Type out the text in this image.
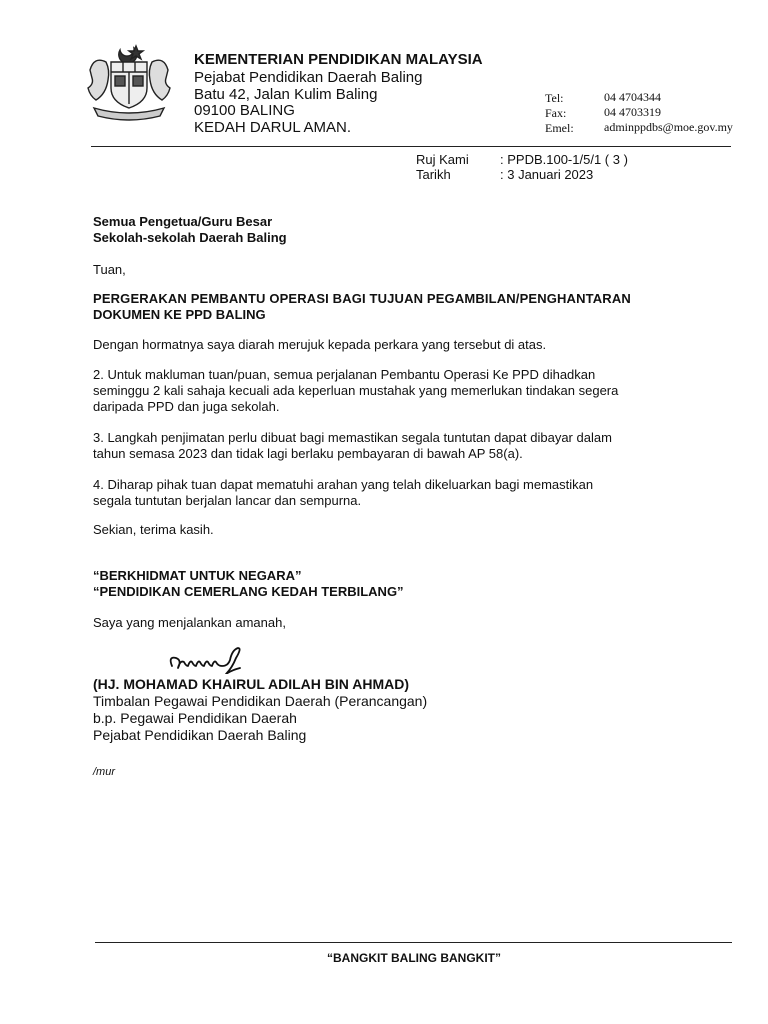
KEMENTERIAN PENDIDIKAN MALAYSIA
Pejabat Pendidikan Daerah Baling
Batu 42, Jalan Kulim Baling
09100 BALING
KEDAH DARUL AMAN.
Tel:	04 4704344
Fax:	04 4703319
Emel:	adminppdbs@moe.gov.my
Ruj Kami : PPDB.100-1/5/1 ( 3 )
Tarikh	: 3 Januari 2023
Semua Pengetua/Guru Besar
Sekolah-sekolah Daerah Baling
Tuan,
PERGERAKAN PEMBANTU OPERASI BAGI TUJUAN PEGAMBILAN/PENGHANTARAN
DOKUMEN KE PPD BALING
Dengan hormatnya saya diarah merujuk kepada perkara yang tersebut di atas.
2. Untuk makluman tuan/puan, semua perjalanan Pembantu Operasi Ke PPD dihadkan
seminggu 2 kali sahaja kecuali ada keperluan mustahak yang memerlukan tindakan segera
daripada PPD dan juga sekolah.
3. Langkah penjimatan perlu dibuat bagi memastikan segala tuntutan dapat dibayar dalam
tahun semasa 2023 dan tidak lagi berlaku pembayaran di bawah AP 58(a).
4. Diharap pihak tuan dapat mematuhi arahan yang telah dikeluarkan bagi memastikan
segala tuntutan berjalan lancar dan sempurna.
Sekian, terima kasih.
“BERKHIDMAT UNTUK NEGARA”
“PENDIDIKAN CEMERLANG KEDAH TERBILANG”
Saya yang menjalankan amanah,
(HJ. MOHAMAD KHAIRUL ADILAH BIN AHMAD)
Timbalan Pegawai Pendidikan Daerah (Perancangan)
b.p. Pegawai Pendidikan Daerah
Pejabat Pendidikan Daerah Baling
/mur
“BANGKIT BALING BANGKIT”
